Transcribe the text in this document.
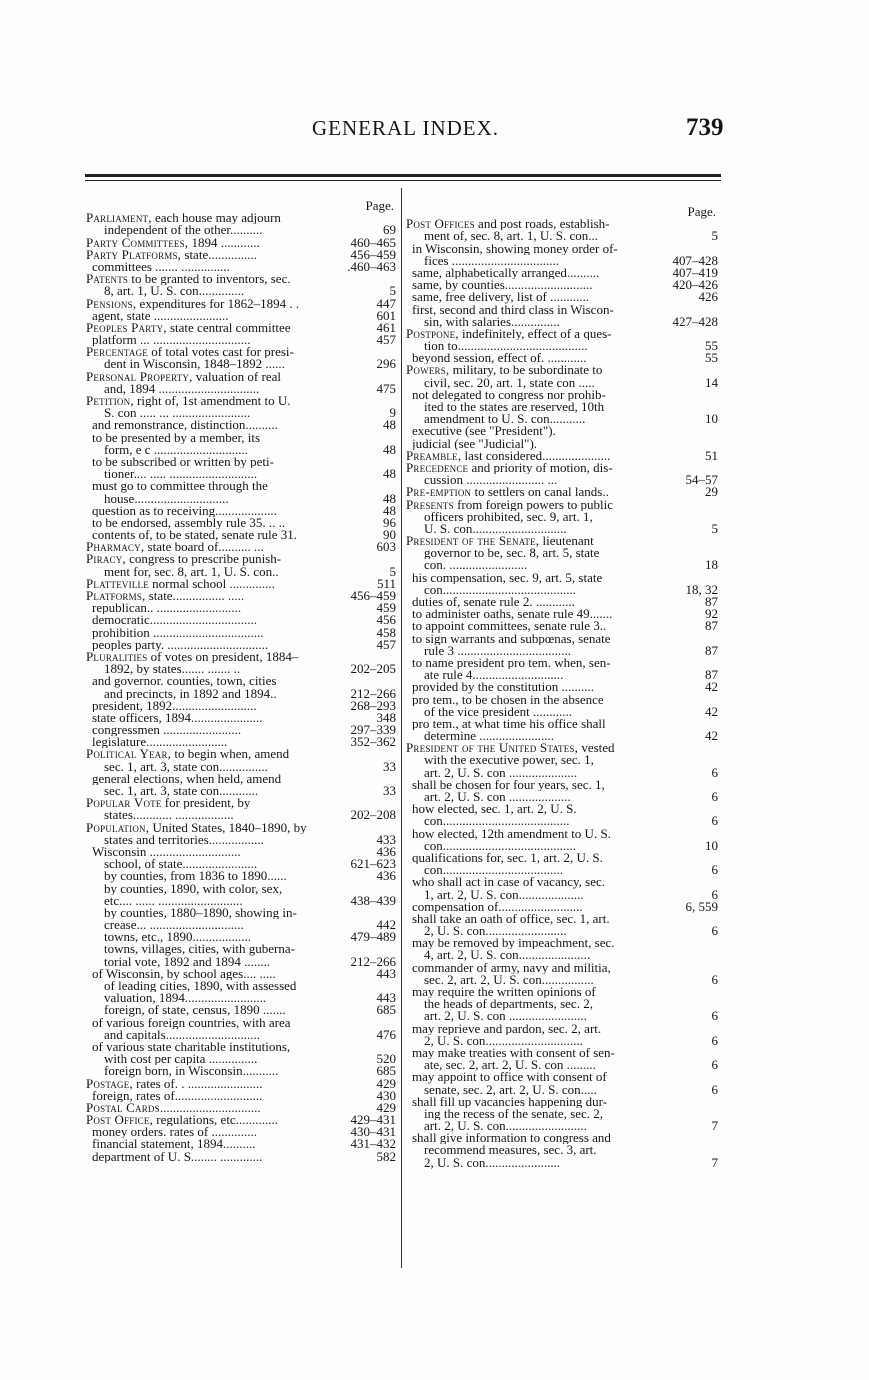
GENERAL INDEX.	739
Page.
Parliament, each house may adjourn
independent of the other..........	69
Party Committees, 1894 ............	460–465
Party Platforms, state...............	456–459
committees ....... ...............	.460–463
Patents to be granted to inventors, sec.
8, art. 1, U. S. con..............	5
Pensions, expenditures for 1862–1894 . .	447
agent, state .......................	601
Peoples Party, state central committee	461
platform ... ..............................	457
Percentage of total votes cast for presi-
dent in Wisconsin, 1848–1892 ......	296
Personal Property, valuation of real
and, 1894 ...............................	475
Petition, right of, 1st amendment to U.
S. con ..... ... ........................	9
and remonstrance, distinction..........	48
to be presented by a member, its
form, e c .............................	48
to be subscribed or written by peti-
tioner.... ..... ...........................	48
must go to committee through the
house.............................	48
question as to receiving...................	48
to be endorsed, assembly rule 35. .. ..	96
contents of, to be stated, senate rule 31.	90
Pharmacy, state board of.......... ...	603
Piracy, congress to prescribe punish-
ment for, sec. 8, art. 1, U. S. con..	5
Platteville normal school ..............	511
Platforms, state................ .....	456–459
republican.. ..........................	459
democratic.................................	456
prohibition ..................................	458
peoples party. ...............................	457
Pluralities of votes on president, 1884–
1892, by states....... ....... ..	202–205
and governor. counties, town, cities
and precincts, in 1892 and 1894..	212–266
president, 1892..........................	268–293
state officers, 1894......................	348
congressmen ........................	297–339
legislature.........................	352–362
Political Year, to begin when, amend
sec. 1, art. 3, state con...............	33
general elections, when held, amend
sec. 1, art. 3, state con............	33
Popular Vote for president, by
states............ ..................	202–208
Population, United States, 1840–1890, by
states and territories.................	433
Wisconsin ............................	436
school, of state.......................	621–623
by counties, from 1836 to 1890......	436
by counties, 1890, with color, sex,
etc.... ...... ..........................	438–439
by counties, 1880–1890, showing in-
crease... .............................	442
towns, etc., 1890..................	479–489
towns, villages, cities, with guberna-
torial vote, 1892 and 1894 ........	212–266
of Wisconsin, by school ages.... .....	443
of leading cities, 1890, with assessed
valuation, 1894.........................	443
foreign, of state, census, 1890 .......	685
of various foreign countries, with area
and capitals.............................	476
of various state charitable institutions,
with cost per capita ...............	520
foreign born, in Wisconsin...........	685
Postage, rates of. . .......................	429
foreign, rates of...........................	430
Postal Cards...............................	429
Post Office, regulations, etc.............	429–431
money orders. rates of ..............	430–431
financial statement, 1894..........	431–432
department of U. S........ .............	582
Page.
Post Offices and post roads, establish-
ment of, sec. 8, art. 1, U. S. con...	5
in Wisconsin, showing money order of-
fices .................................	407–428
same, alphabetically arranged..........	407–419
same, by counties...........................	420–426
same, free delivery, list of ............	426
first, second and third class in Wiscon-
sin, with salaries...............	427–428
Postpone, indefinitely, effect of a ques-
tion to........................................	55
beyond session, effect of. ............	55
Powers, military, to be subordinate to
civil, sec. 20, art. 1, state con .....	14
not delegated to congress nor prohib-
ited to the states are reserved, 10th
amendment to U. S. con...........	10
executive (see "President").
judicial (see "Judicial").
Preamble, last considered.....................	51
Precedence and priority of motion, dis-
cussion ........................ ...	54–57
Pre-emption to settlers on canal lands..	29
Presents from foreign powers to public
officers prohibited, sec. 9, art. 1,
U. S. con.............................	5
President of the Senate, lieutenant
governor to be, sec. 8, art. 5, state
con. ........................	18
his compensation, sec. 9, art. 5, state
con.........................................	18, 32
duties of, senate rule 2. ............	87
to administer oaths, senate rule 49.......	92
to appoint committees, senate rule 3..	87
to sign warrants and subpœnas, senate
rule 3 ...................................	87
to name president pro tem. when, sen-
ate rule 4............................	87
provided by the constitution ..........	42
pro tem., to be chosen in the absence
of the vice president ............	42
pro tem., at what time his office shall
determine .......................	42
President of the United States, vested
with the executive power, sec. 1,
art. 2, U. S. con .....................	6
shall be chosen for four years, sec. 1,
art. 2, U. S. con ...................	6
how elected, sec. 1, art. 2, U. S.
con.......................................	6
how elected, 12th amendment to U. S.
con.........................................	10
qualifications for, sec. 1, art. 2, U. S.
con.....................................	6
who shall act in case of vacancy, sec.
1, art. 2, U. S. con....................	6
compensation of..........................	6, 559
shall take an oath of office, sec. 1, art.
2, U. S. con.........................	6
may be removed by impeachment, sec.
4, art. 2, U. S. con......................
commander of army, navy and militia,
sec. 2, art. 2, U. S. con................	6
may require the written opinions of
the heads of departments, sec. 2,
art. 2, U. S. con ........................	6
may reprieve and pardon, sec. 2, art.
2, U. S. con..............................	6
may make treaties with consent of sen-
ate, sec. 2, art. 2, U. S. con .........	6
may appoint to office with consent of
senate, sec. 2, art. 2, U. S. con.....	6
shall fill up vacancies happening dur-
ing the recess of the senate, sec. 2,
art. 2, U. S. con.........................	7
shall give information to congress and
recommend measures, sec. 3, art.
2, U. S. con.......................	7
